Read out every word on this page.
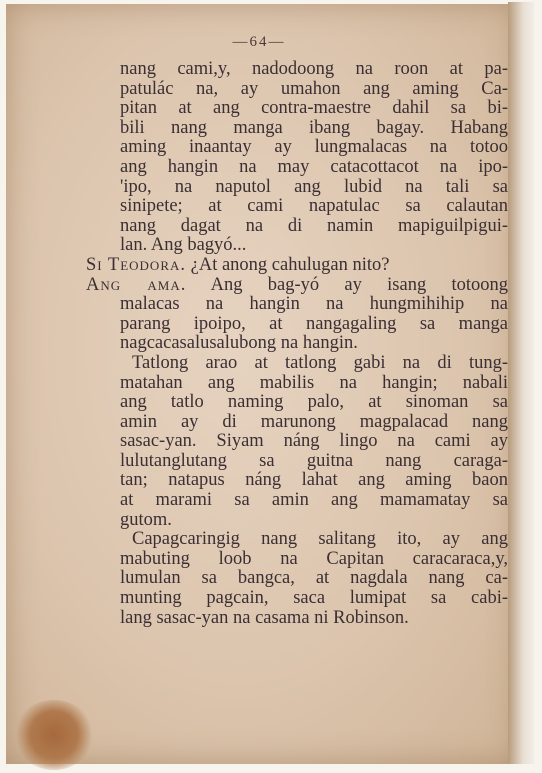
—64—
nang cami,y, nadodoong na roon at pa-
patulác na, ay umahon ang aming Ca-
pitan at ang contra-maestre dahil sa bi-
bili nang manga ibang bagay. Habang
aming inaantay ay lungmalacas na totoo
ang hangin na may catacottacot na ipo-
'ipo, na naputol ang lubid na tali sa
sinipete; at cami napatulac sa calautan
nang dagat na di namin mapiguilpigui-
lan. Ang bagyó...
Si Teodora. ¿At anong cahulugan nito?
Ang ama. Ang bag-yó ay isang totoong
malacas na hangin na hungmihihip na
parang ipoipo, at nangagaling sa manga
nagcacasalusalubong na hangin.
Tatlong arao at tatlong gabi na di tung-
matahan ang mabilis na hangin; nabali
ang tatlo naming palo, at sinoman sa
amin ay di marunong magpalacad nang
sasac-yan. Siyam náng lingo na cami ay
lulutanglutang sa guitna nang caraga-
tan; natapus náng lahat ang aming baon
at marami sa amin ang mamamatay sa
gutom.
Capagcaringig nang salitang ito, ay ang
mabuting loob na Capitan caracaraca,y,
lumulan sa bangca, at nagdala nang ca-
munting pagcain, saca lumipat sa cabi-
lang sasac-yan na casama ni Robinson.
